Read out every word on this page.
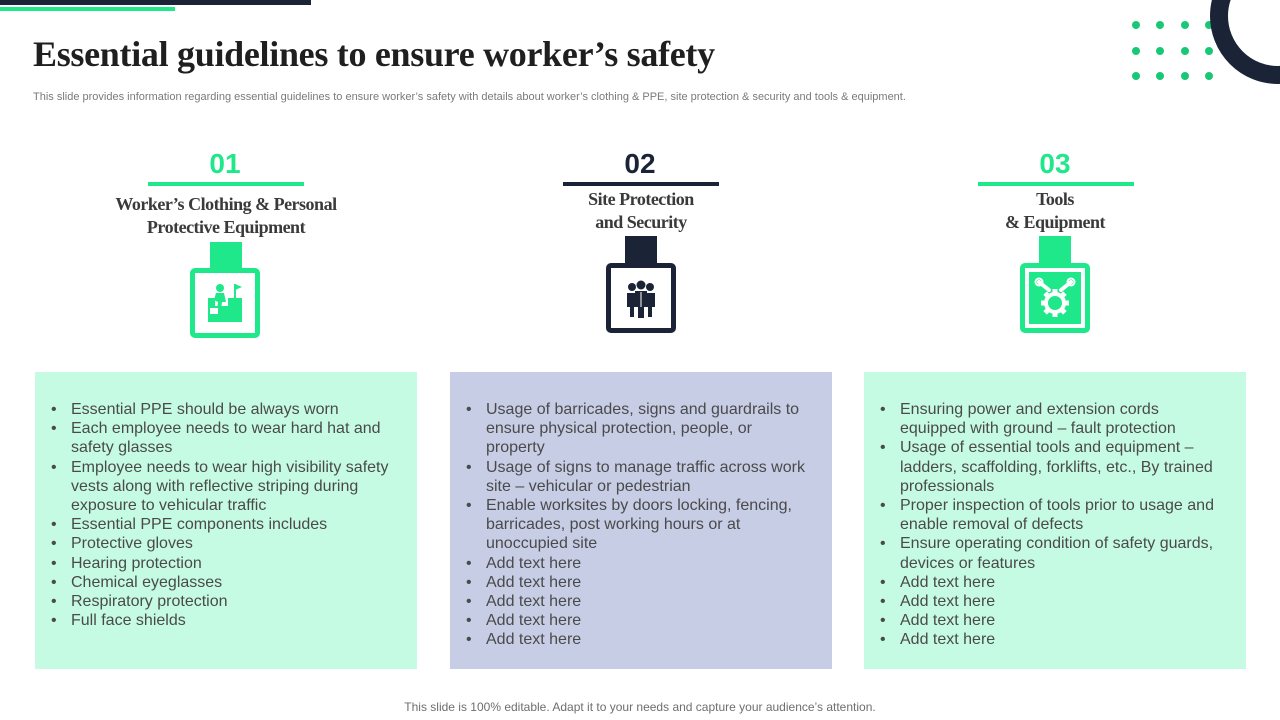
Essential guidelines to ensure worker’s safety

This slide provides information regarding essential guidelines to ensure worker’s safety with details about worker’s clothing & PPE, site protection & security and tools & equipment.

01
Worker’s Clothing & Personal
Protective Equipment
• Essential PPE should be always worn
• Each employee needs to wear hard hat and safety glasses
• Employee needs to wear high visibility safety vests along with reflective striping during exposure to vehicular traffic
• Essential PPE components includes
• Protective gloves
• Hearing protection
• Chemical eyeglasses
• Respiratory protection
• Full face shields
02
Site Protection
and Security
• Usage of barricades, signs and guardrails to ensure physical protection, people, or property
• Usage of signs to manage traffic across work site – vehicular or pedestrian
• Enable worksites by doors locking, fencing, barricades, post working hours or at unoccupied site
• Add text here
• Add text here
• Add text here
• Add text here
• Add text here
03
Tools
& Equipment
• Ensuring power and extension cords equipped with ground – fault protection
• Usage of essential tools and equipment – ladders, scaffolding, forklifts, etc., By trained professionals
• Proper inspection of tools prior to usage and enable removal of defects
• Ensure operating condition of safety guards, devices or features
• Add text here
• Add text here
• Add text here
• Add text here
This slide is 100% editable. Adapt it to your needs and capture your audience’s attention.
